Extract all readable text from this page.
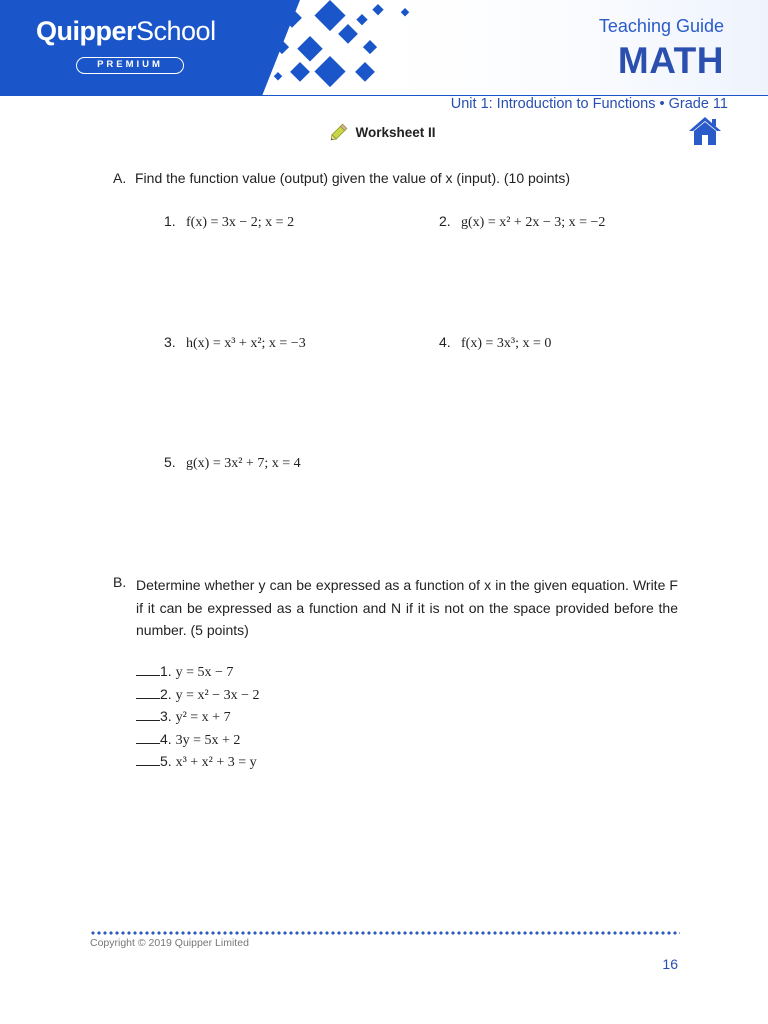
QuipperSchool
PREMIUM
Teaching Guide
MATH
Unit 1: Introduction to Functions • Grade 11
Worksheet II
A. Find the function value (output) given the value of x (input). (10 points)
1. f(x) = 3x − 2; x = 2	2. g(x) = x² + 2x − 3; x = −2
3. h(x) = x³ + x²; x = −3	4. f(x) = 3x³; x = 0
5. g(x) = 3x² + 7; x = 4
B. Determine whether y can be expressed as a function of x in the given equation. Write F if it can be expressed as a function and N if it is not on the space provided before the number. (5 points)
1. y = 5x − 7
2. y = x² − 3x − 2
3. y² = x + 7
4. 3y = 5x + 2
5. x³ + x² + 3 = y
Copyright © 2019 Quipper Limited
16
